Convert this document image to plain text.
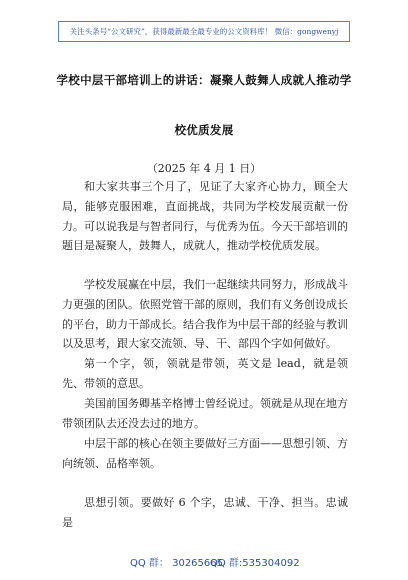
关注头条号“公文研究”，获得最新最全最专业的公文资料库！ 微信：gongwenyj
学校中层干部培训上的讲话：凝聚人鼓舞人成就人推动学
校优质发展
（2025 年 4 月 1 日）

和大家共事三个月了，见证了大家齐心协力，顾全大局，能够克服困难，直面挑战，共同为学校发展贡献一份力。可以说我是与智者同行，与优秀为伍。今天干部培训的题目是凝聚人，鼓舞人，成就人，推动学校优质发展。

学校发展赢在中层，我们一起继续共同努力，形成战斗力更强的团队。依照党管干部的原则，我们有义务创设成长的平台，助力干部成长。结合我作为中层干部的经验与教训以及思考，跟大家交流领、导、干、部四个字如何做好。

第一个字，领，领就是带领，英文是 lead，就是领先、带领的意思。

美国前国务卿基辛格博士曾经说过。领就是从现在地方带领团队去还没去过的地方。

中层干部的核心在领主要做好三方面——思想引领、方向统领、品格率领。

思想引领。要做好 6 个字，忠诚、干净、担当。忠诚是

QQ 群： 30265665
QQ 群:535304092
